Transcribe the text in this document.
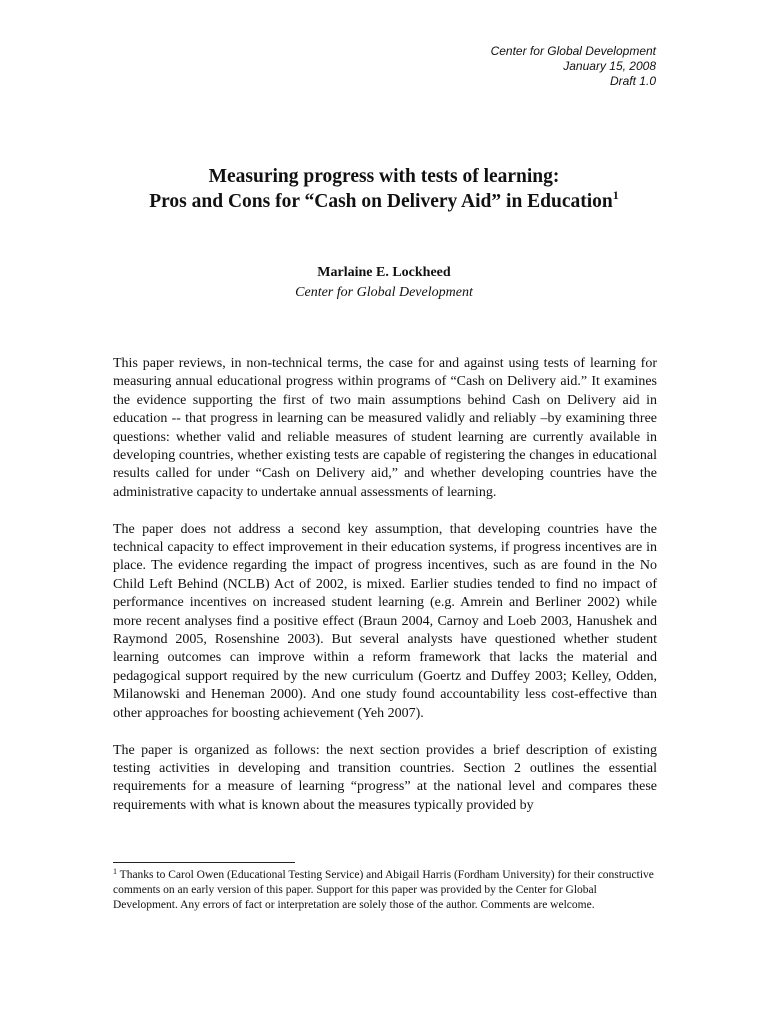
Center for Global Development
January 15, 2008
Draft 1.0
Measuring progress with tests of learning:
Pros and Cons for “Cash on Delivery Aid” in Education$^1$
Marlaine E. Lockheed
Center for Global Development

This paper reviews, in non-technical terms, the case for and against using tests of learning for measuring annual educational progress within programs of “Cash on Delivery aid.” It examines the evidence supporting the first of two main assumptions behind Cash on Delivery aid in education -- that progress in learning can be measured validly and reliably –by examining three questions: whether valid and reliable measures of student learning are currently available in developing countries, whether existing tests are capable of registering the changes in educational results called for under “Cash on Delivery aid,” and whether developing countries have the administrative capacity to undertake annual assessments of learning.

The paper does not address a second key assumption, that developing countries have the technical capacity to effect improvement in their education systems, if progress incentives are in place. The evidence regarding the impact of progress incentives, such as are found in the No Child Left Behind (NCLB) Act of 2002, is mixed. Earlier studies tended to find no impact of performance incentives on increased student learning (e.g. Amrein and Berliner 2002) while more recent analyses find a positive effect (Braun 2004, Carnoy and Loeb 2003, Hanushek and Raymond 2005, Rosenshine 2003). But several analysts have questioned whether student learning outcomes can improve within a reform framework that lacks the material and pedagogical support required by the new curriculum (Goertz and Duffey 2003; Kelley, Odden, Milanowski and Heneman 2000). And one study found accountability less cost-effective than other approaches for boosting achievement (Yeh 2007).

The paper is organized as follows: the next section provides a brief description of existing testing activities in developing and transition countries. Section 2 outlines the essential requirements for a measure of learning “progress” at the national level and compares these requirements with what is known about the measures typically provided by

$^1$ Thanks to Carol Owen (Educational Testing Service) and Abigail Harris (Fordham University) for their constructive comments on an early version of this paper. Support for this paper was provided by the Center for Global Development. Any errors of fact or interpretation are solely those of the author. Comments are welcome.
